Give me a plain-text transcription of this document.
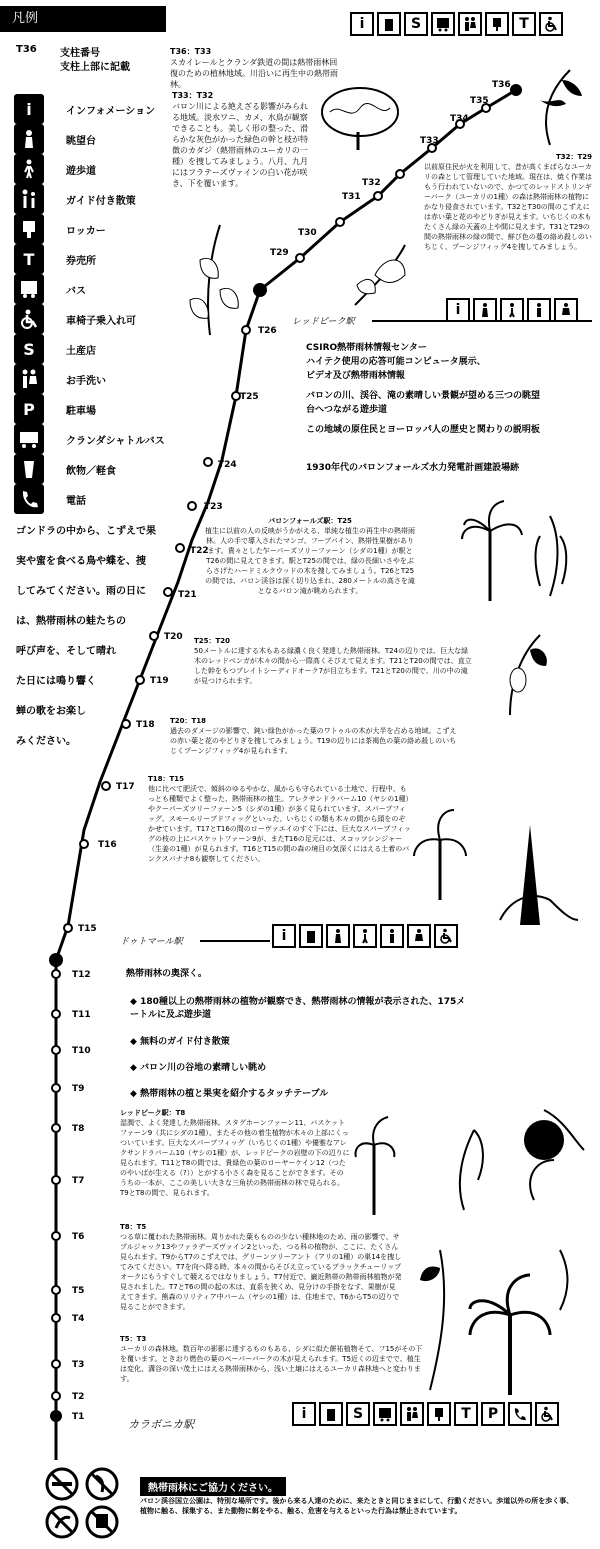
凡例	i	S	T
T36 支柱番号
支柱上部に記載
i	インフォメーション
眺望台
遊歩道
ガイド付き散策
ロッカー
T	券売所
バス
車椅子乗入れ可
S	土産店
お手洗い
P	駐車場
クランダシャトルバス
飲物／軽食
電話

ゴンドラの中から、こずえで果

実や蜜を食べる鳥や蝶を、捜

してみてください。雨の日に

は、熱帯雨林の蛙たちの

呼び声を、そして晴れ

た日には鳴り響く

蝉の歌をお楽し

みください。

T36
T35
T34
T33
T32
T31
T30
T29
T26
T25
T24
T23
T22
T21
T20
T19
T18
T17
T16
T15
T12
T11
T10
T9
T8
T7
T6
T5
T4
T3
T2
T1
T36：T33
スカイレールとクランダ鉄道の間は熱帯雨林回復のための植林地域。川沿いに再生中の熱帯雨林。
T33：T32
バロン川による絶えざる影響がみられる地域。淡水ワニ、カメ、水鳥が観察できることも。美しく形の整った、滑らかな灰色がかった緑色の幹と枝が特徴のカダジ（熱帯雨林のユーカリの一種）を捜してみましょう。八月、九月にはフラテーズヴァインの白い花が咲き、下を覆います。
T32：T29
以前原住民が火を利用して、昔が高くまばらなユーカリの森として管理していた地域。現在は、焼く作業はもう行われていないので、かつてのレッドストリンギーバーク（ユーカリの1種）の森は熱帯雨林の植物にかなり侵食されています。T32とT30の間のこずえには赤い葉と花のやどりぎが見えます。いちじくの木もたくさん緑の天蓋の上や間に見えます。T31とT29の間の熱帯雨林の緑の間で、鮮び色の蔓の絡め殺しのいちじく、プーンジフィッグ4を捜してみましょう。
i
レッドピーク駅
CSIRO熱帯雨林情報センター
ハイテク使用の応答可能コンピュータ展示、
ビデオ及び熱帯雨林情報
バロンの川、渓谷、滝の素晴しい景観が望める三つの眺望
台へつながる遊歩道
この地域の原住民とヨーロッパ人の歴史と関わりの説明板
1930年代のバロンフォールズ水力発電計画建設場跡
バロンフォールズ駅：T25
植生に以前の人の反映がうかがえる、単純な植生の再生中の熱帯雨林。人の手で導入されたマンゴ、フーブパイン、熱帯性果樹があります。貴々とした乍ーパーズソリーファーン（シダの1種）が駅とT26の間に見えてきます。駅とT25の間では、緑の長細いさやをぶらさげたハードミルクウッドの木を捜してみましょう。T26とT25の間では、バロン渓谷は深く切り込まれ、280メートルの高さを滝となるバロン滝が眺められます。
T25：T20
50メートルに達する木もある緑濃く良く発達した熱帯雨林。T24の辺りでは、巨大な緑木のレッドベンガが木々の間から一際高くそびえて見えます。T21とT20の間では、直立した幹をもつプレイトシーディドオーク7が目立ちます。T21とT20の間で、川の中の滝が見つけられます。
T20：T18
過去のダメージの影響で、鈍い緑色がかった葉のワトゥルの木が大半を占める地域。こずえの赤い葉と花のやどりぎを捜してみましょう。T19の辺りには茶褐色の葉の絡め殺しのいちじくプーンジフィッグ4が見られます。
T18：T15
他に比べて肥沃で、傾斜のゆるやかな、風からも守られている土地で、行程中、もっとも種類でよく整った、熱帯雨林の植生。アレクサンドラパーム10（ヤシの1種）やクーパーズツリーファーン5（シダの1種）が多く見られています。スパーブフィッグ、スモールリーブドフィッグといった、いちじくの類も木々の間から頭をのぞかせています。T17とT16の間のローヴァエイのすぐ下には、巨大なスパーブフィッグの枝の上にバスケットファーン9が、またT16の足元には、スコッツシンジャー（生姜の1種）が見られます。T16とT15の間の森の境目の気深くにはえる土着のバンクスバナナ8も観察してください。
ドゥトマール駅	i
熱帯雨林の奥深く。
◆ 180種以上の熱帯雨林の植物が観察でき、熱帯雨林の情報が表示された、175メートルに及ぶ遊歩道
◆ 無料のガイド付き散策
◆ バロン川の谷地の素晴しい眺め
◆ 熱帯雨林の植と果実を紹介するタッチテーブル
レッドピーク駅：T8
湿潤で、よく発達した熱帯雨林。スタグホーンファーン11、バスケットファーン9（共にシダの1種）、またその他の着生植物が木々の上部にくっついています。巨大なスパーブフィッグ（いちじくの1種）や優雅なアレクサンドラパーム10（ヤシの1種）が、レッドピークの岩壁の下の辺りに見られます。T11とT8の間では、貴緑色の葉のローヤーケイン12（つたのやいばが生える（?））とがする小さく森を見ることができます。そのうちの一本が、ここの美しい大きな三角状の熱帯雨林の林で見られる。T9とT8の間で、見られます。
T8：T5
つる草に覆われた熱帯雨林。周りかれた葉もものの少ない種林地のため、雨の影響で、サプルジャック13やファラデーズヴァイン2といった、つる科の植物が、ここに、たくさん見られます。T9からT7のこずえでは、グリーンツリーアント（アリの1種）の巣14を捜してみてください。T7を向へ降る時、本々の間からそびえ立っているブラックチューリップオークにもうすぐして競えるではなりましょう。T7付近で、巌近熱帯の熱帯雨林植物が発見されました。T7とT6の間の起の木は、直系を狭くめ、見分けの手掛をなす、果樹が見えてきます。熊森のリリティア中パーム（ヤシの1種）は、住地まで、T6からT5の辺りで見ることができます。
T5：T3
ユーカリの森林地。数百年の影影に達するものもある、シダに似た餅祐植物そて、フ15がその下を覆います。ときおり燃色の葉のペーパーバークの木が見えられます。T5近くの辺までで、植生は変化、溝谷の深い茂土にはえる熱帯雨林から、浅い土壌にはえるユーカリ森林地へと変わります。
カラボニカ駅
i	S	T	P
熱帯雨林にご協力ください。
バロン渓谷国立公園は、特別な場所です。後から来る人達のために、来たときと同じままにして、行動ください。歩道以外の所を歩く事、植物に触る、採集する、また動物に餌をやる、触る、危害を与えるといった行為は禁止されています。
